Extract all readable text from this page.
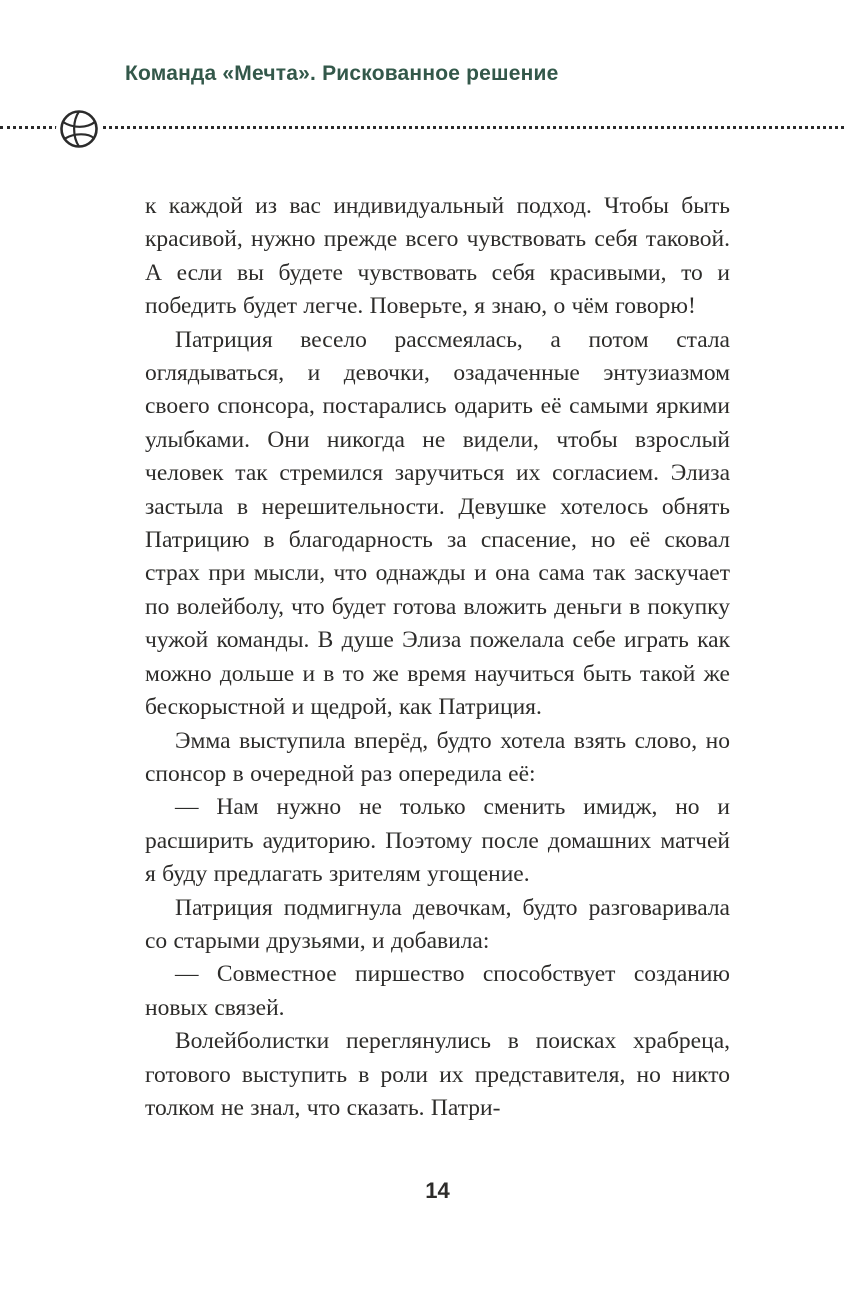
Команда «Мечта». Рискованное решение

к каждой из вас индивидуальный подход. Чтобы быть красивой, нужно прежде всего чувствовать себя таковой. А если вы будете чувствовать себя красивыми, то и победить будет легче. Поверьте, я знаю, о чём говорю!

Патриция весело рассмеялась, а потом стала оглядываться, и девочки, озадаченные энтузиазмом своего спонсора, постарались одарить её самыми яркими улыбками. Они никогда не видели, чтобы взрослый человек так стремился заручиться их согласием. Элиза застыла в нерешительности. Девушке хотелось обнять Патрицию в благодарность за спасение, но её сковал страх при мысли, что однажды и она сама так заскучает по волейболу, что будет готова вложить деньги в покупку чужой команды. В душе Элиза пожелала себе играть как можно дольше и в то же время научиться быть такой же бескорыстной и щедрой, как Патриция.

Эмма выступила вперёд, будто хотела взять слово, но спонсор в очередной раз опередила её:

— Нам нужно не только сменить имидж, но и расширить аудиторию. Поэтому после домашних матчей я буду предлагать зрителям угощение.

Патриция подмигнула девочкам, будто разговаривала со старыми друзьями, и добавила:

— Совместное пиршество способствует созданию новых связей.

Волейболистки переглянулись в поисках храбреца, готового выступить в роли их представителя, но никто толком не знал, что сказать. Патри-

14
